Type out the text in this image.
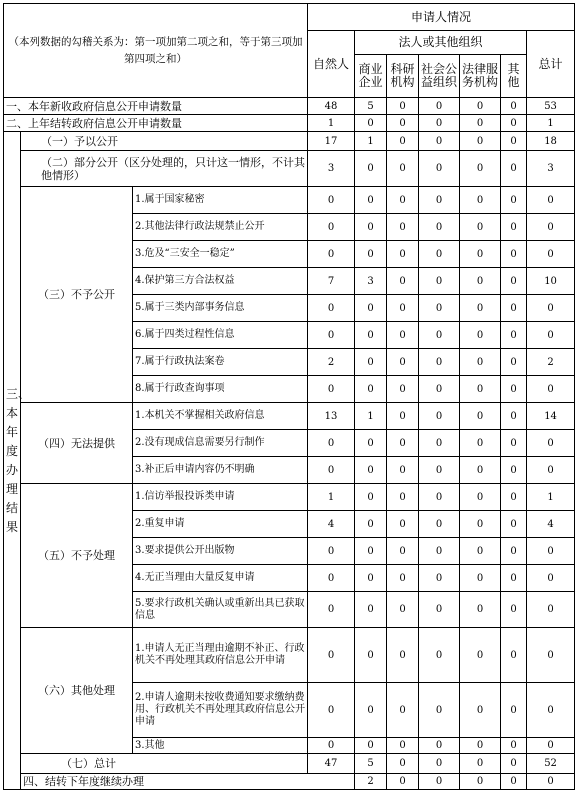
（本列数据的勾稽关系为：第一项加第二项之和，等于第三项加第四项之和）			申请人情况							
			自然人	法人或其他组织					总计	
				商业企业	科研机构	社会公益组织	法律服务机构	其他		
一、本年新收政府信息公开申请数量			48	5	0	0	0	0	53	
二、上年结转政府信息公开申请数量			1	0	0	0	0	0	1	

三、本年度办理结果	（一）予以公开		17	1	0	0	0	0	18	
	（二）部分公开（区分处理的，只计这一情形，不计其他情形）		3	0	0	0	0	0	3	
	（三）不予公开	1.属于国家秘密	0	0	0	0	0	0	0	
		2.其他法律行政法规禁止公开	0	0	0	0	0	0	0	
		3.危及“三安全一稳定”	0	0	0	0	0	0	0	
		4.保护第三方合法权益	7	3	0	0	0	0	10	
		5.属于三类内部事务信息	0	0	0	0	0	0	0	
		6.属于四类过程性信息	0	0	0	0	0	0	0	
		7.属于行政执法案卷	2	0	0	0	0	0	2	
		8.属于行政查询事项	0	0	0	0	0	0	0	
	（四）无法提供	1.本机关不掌握相关政府信息	13	1	0	0	0	0	14	
		2.没有现成信息需要另行制作	0	0	0	0	0	0	0	
		3.补正后申请内容仍不明确	0	0	0	0	0	0	0	
	（五）不予处理	1.信访举报投诉类申请	1	0	0	0	0	0	1	
		2.重复申请	4	0	0	0	0	0	4	
		3.要求提供公开出版物	0	0	0	0	0	0	0	
		4.无正当理由大量反复申请	0	0	0	0	0	0	0	
		5.要求行政机关确认或重新出具已获取信息	0	0	0	0	0	0	0	
	（六）其他处理	1.申请人无正当理由逾期不补正、行政机关不再处理其政府信息公开申请	0	0	0	0	0	0	0	
		2.申请人逾期未按收费通知要求缴纳费用、行政机关不再处理其政府信息公开申请	0	0	0	0	0	0	0	
		3.其他	0	0	0	0	0	0	0	
	（七）总计		47	5	0	0	0	0	52	
	四、结转下年度继续办理			2	0	0	0	0	0	
